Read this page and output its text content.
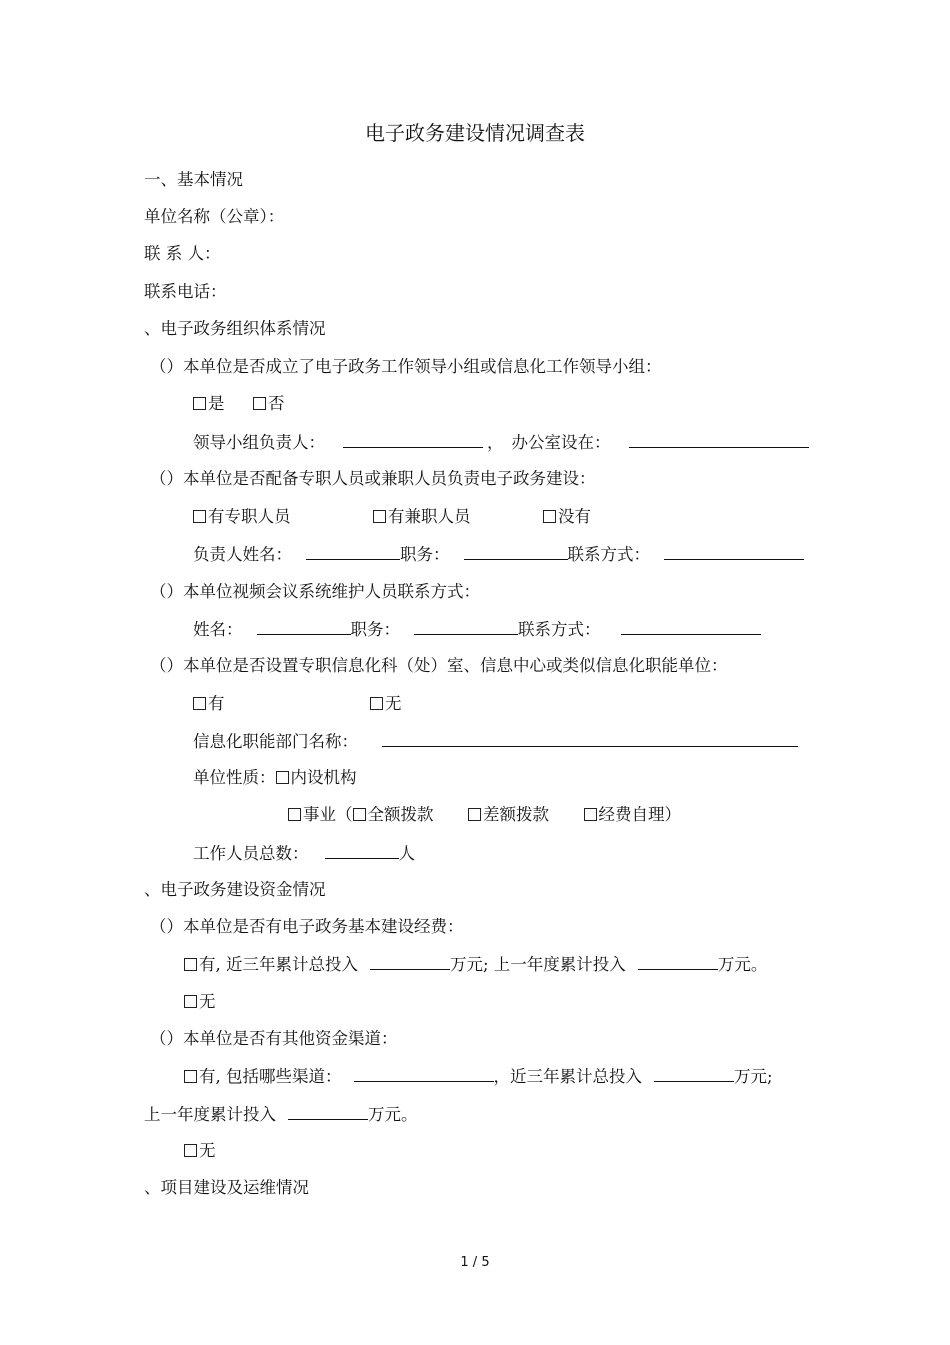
电子政务建设情况调查表
一、基本情况
单位名称（公章）：
联 系 人：
联系电话：
、电子政务组织体系情况
（）本单位是否成立了电子政务工作领导小组或信息化工作领导小组：
是	否
领导小组负责人：	， 办公室设在：
（）本单位是否配备专职人员或兼职人员负责电子政务建设：
有专职人员	有兼职人员	没有
负责人姓名：	职务：	联系方式：
（）本单位视频会议系统维护人员联系方式：
姓名：	职务：	联系方式：
（）本单位是否设置专职信息化科（处）室、信息中心或类似信息化职能单位：
有	无
信息化职能部门名称：
单位性质： 内设机构
事业（ 全额拨款	差额拨款	经费自理）
工作人员总数：	人
、电子政务建设资金情况
（）本单位是否有电子政务基本建设经费：
有, 近三年累计总投入	万元; 上一年度累计投入	万元。
无
（）本单位是否有其他资金渠道：
有, 包括哪些渠道：	，近三年累计总投入	万元;
上一年度累计投入	万元。
无
、项目建设及运维情况
1 / 5
